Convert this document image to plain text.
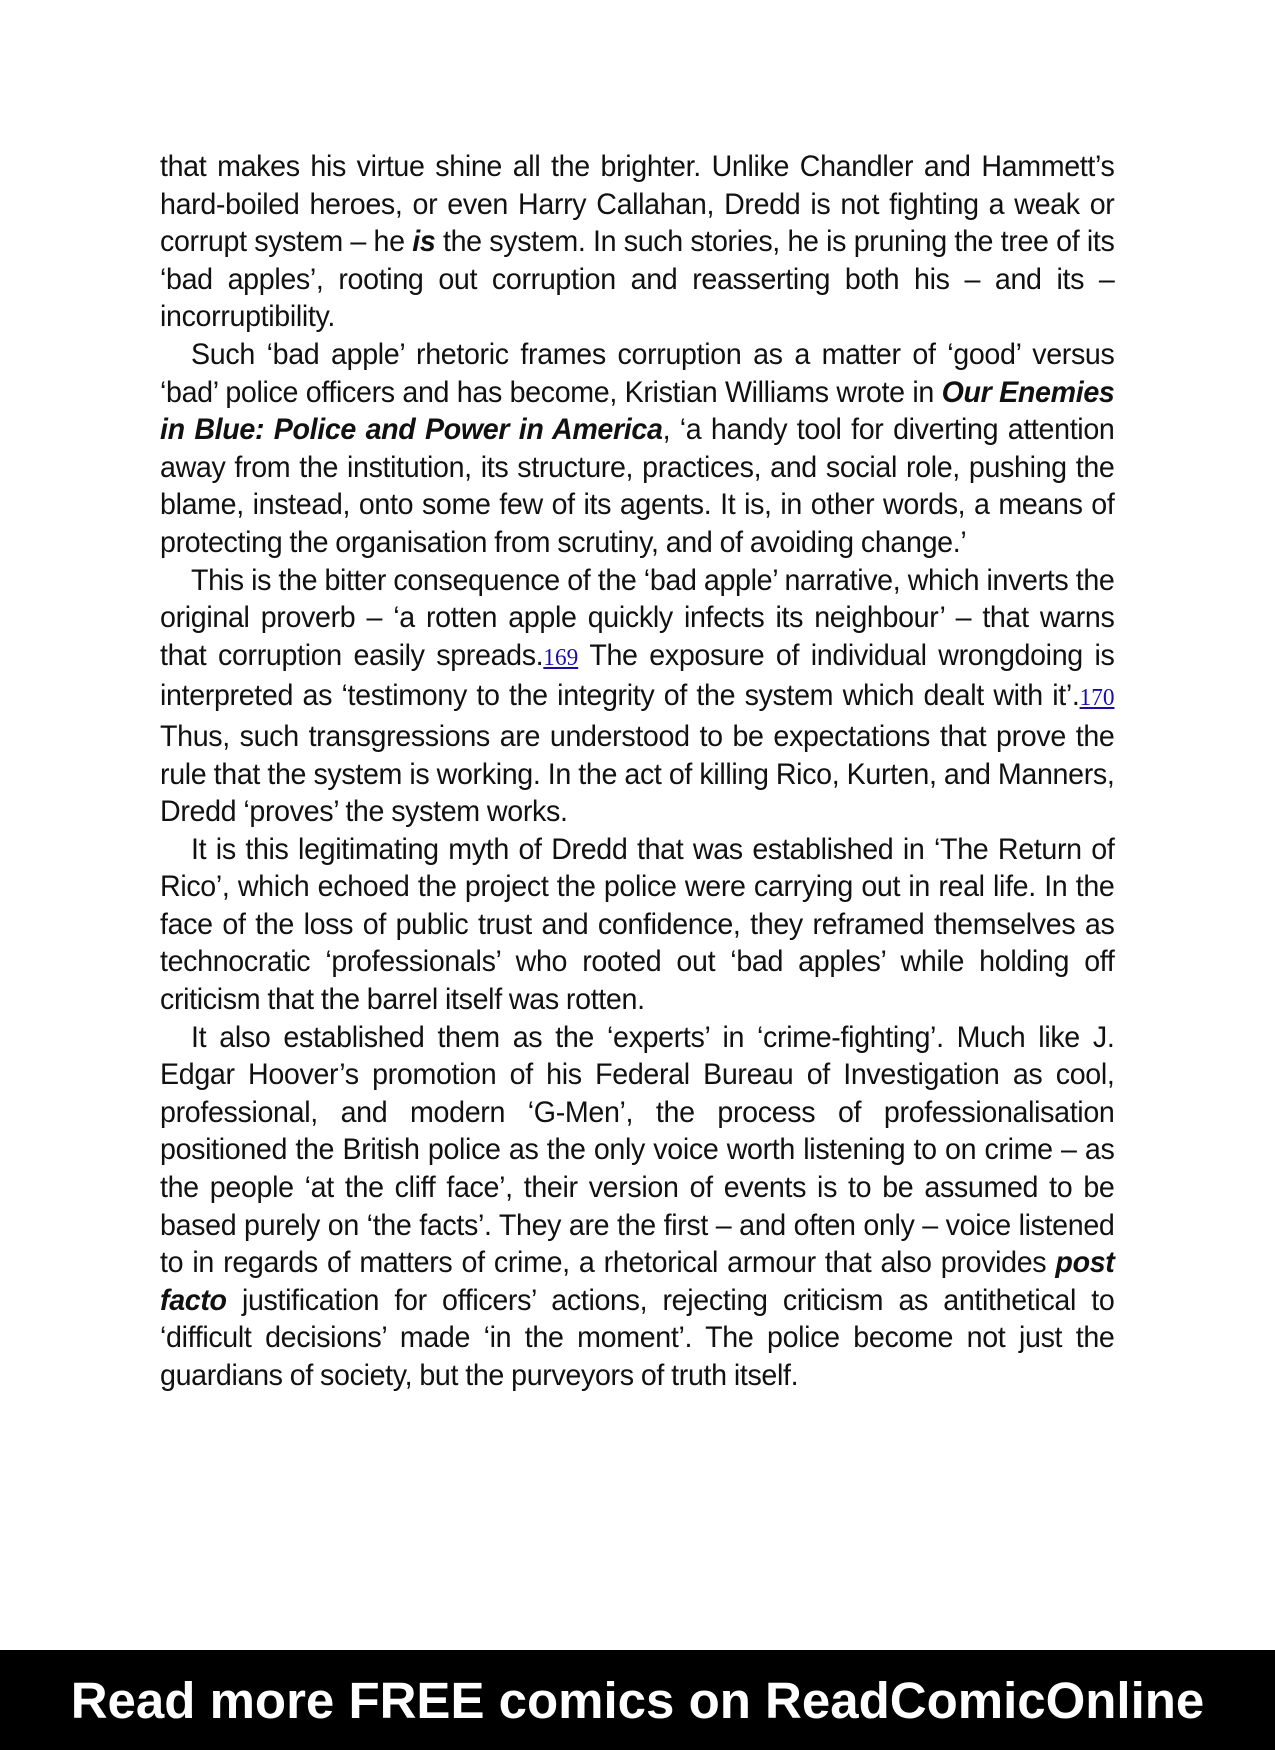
that makes his virtue shine all the brighter. Unlike Chandler and Hammett’s hard-boiled heroes, or even Harry Callahan, Dredd is not fighting a weak or corrupt system – he is the system. In such stories, he is pruning the tree of its ‘bad apples’, rooting out corruption and reasserting both his – and its – incorruptibility.

Such ‘bad apple’ rhetoric frames corruption as a matter of ‘good’ versus ‘bad’ police officers and has become, Kristian Williams wrote in Our Enemies in Blue: Police and Power in America, ‘a handy tool for diverting attention away from the institution, its structure, practices, and social role, pushing the blame, instead, onto some few of its agents. It is, in other words, a means of protecting the organisation from scrutiny, and of avoiding change.’

This is the bitter consequence of the ‘bad apple’ narrative, which inverts the original proverb – ‘a rotten apple quickly infects its neighbour’ – that warns that corruption easily spreads.169 The exposure of individual wrongdoing is interpreted as ‘testimony to the integrity of the system which dealt with it’.170 Thus, such transgressions are understood to be expectations that prove the rule that the system is working. In the act of killing Rico, Kurten, and Manners, Dredd ‘proves’ the system works.

It is this legitimating myth of Dredd that was established in ‘The Return of Rico’, which echoed the project the police were carrying out in real life. In the face of the loss of public trust and confidence, they reframed themselves as technocratic ‘professionals’ who rooted out ‘bad apples’ while holding off criticism that the barrel itself was rotten.

It also established them as the ‘experts’ in ‘crime-fighting’. Much like J. Edgar Hoover’s promotion of his Federal Bureau of Investigation as cool, professional, and modern ‘G-Men’, the process of professionalisation positioned the British police as the only voice worth listening to on crime – as the people ‘at the cliff face’, their version of events is to be assumed to be based purely on ‘the facts’. They are the first – and often only – voice listened to in regards of matters of crime, a rhetorical armour that also provides post facto justification for officers’ actions, rejecting criticism as antithetical to ‘difficult decisions’ made ‘in the moment’. The police become not just the guardians of society, but the purveyors of truth itself.

Read more FREE comics on ReadComicOnline
